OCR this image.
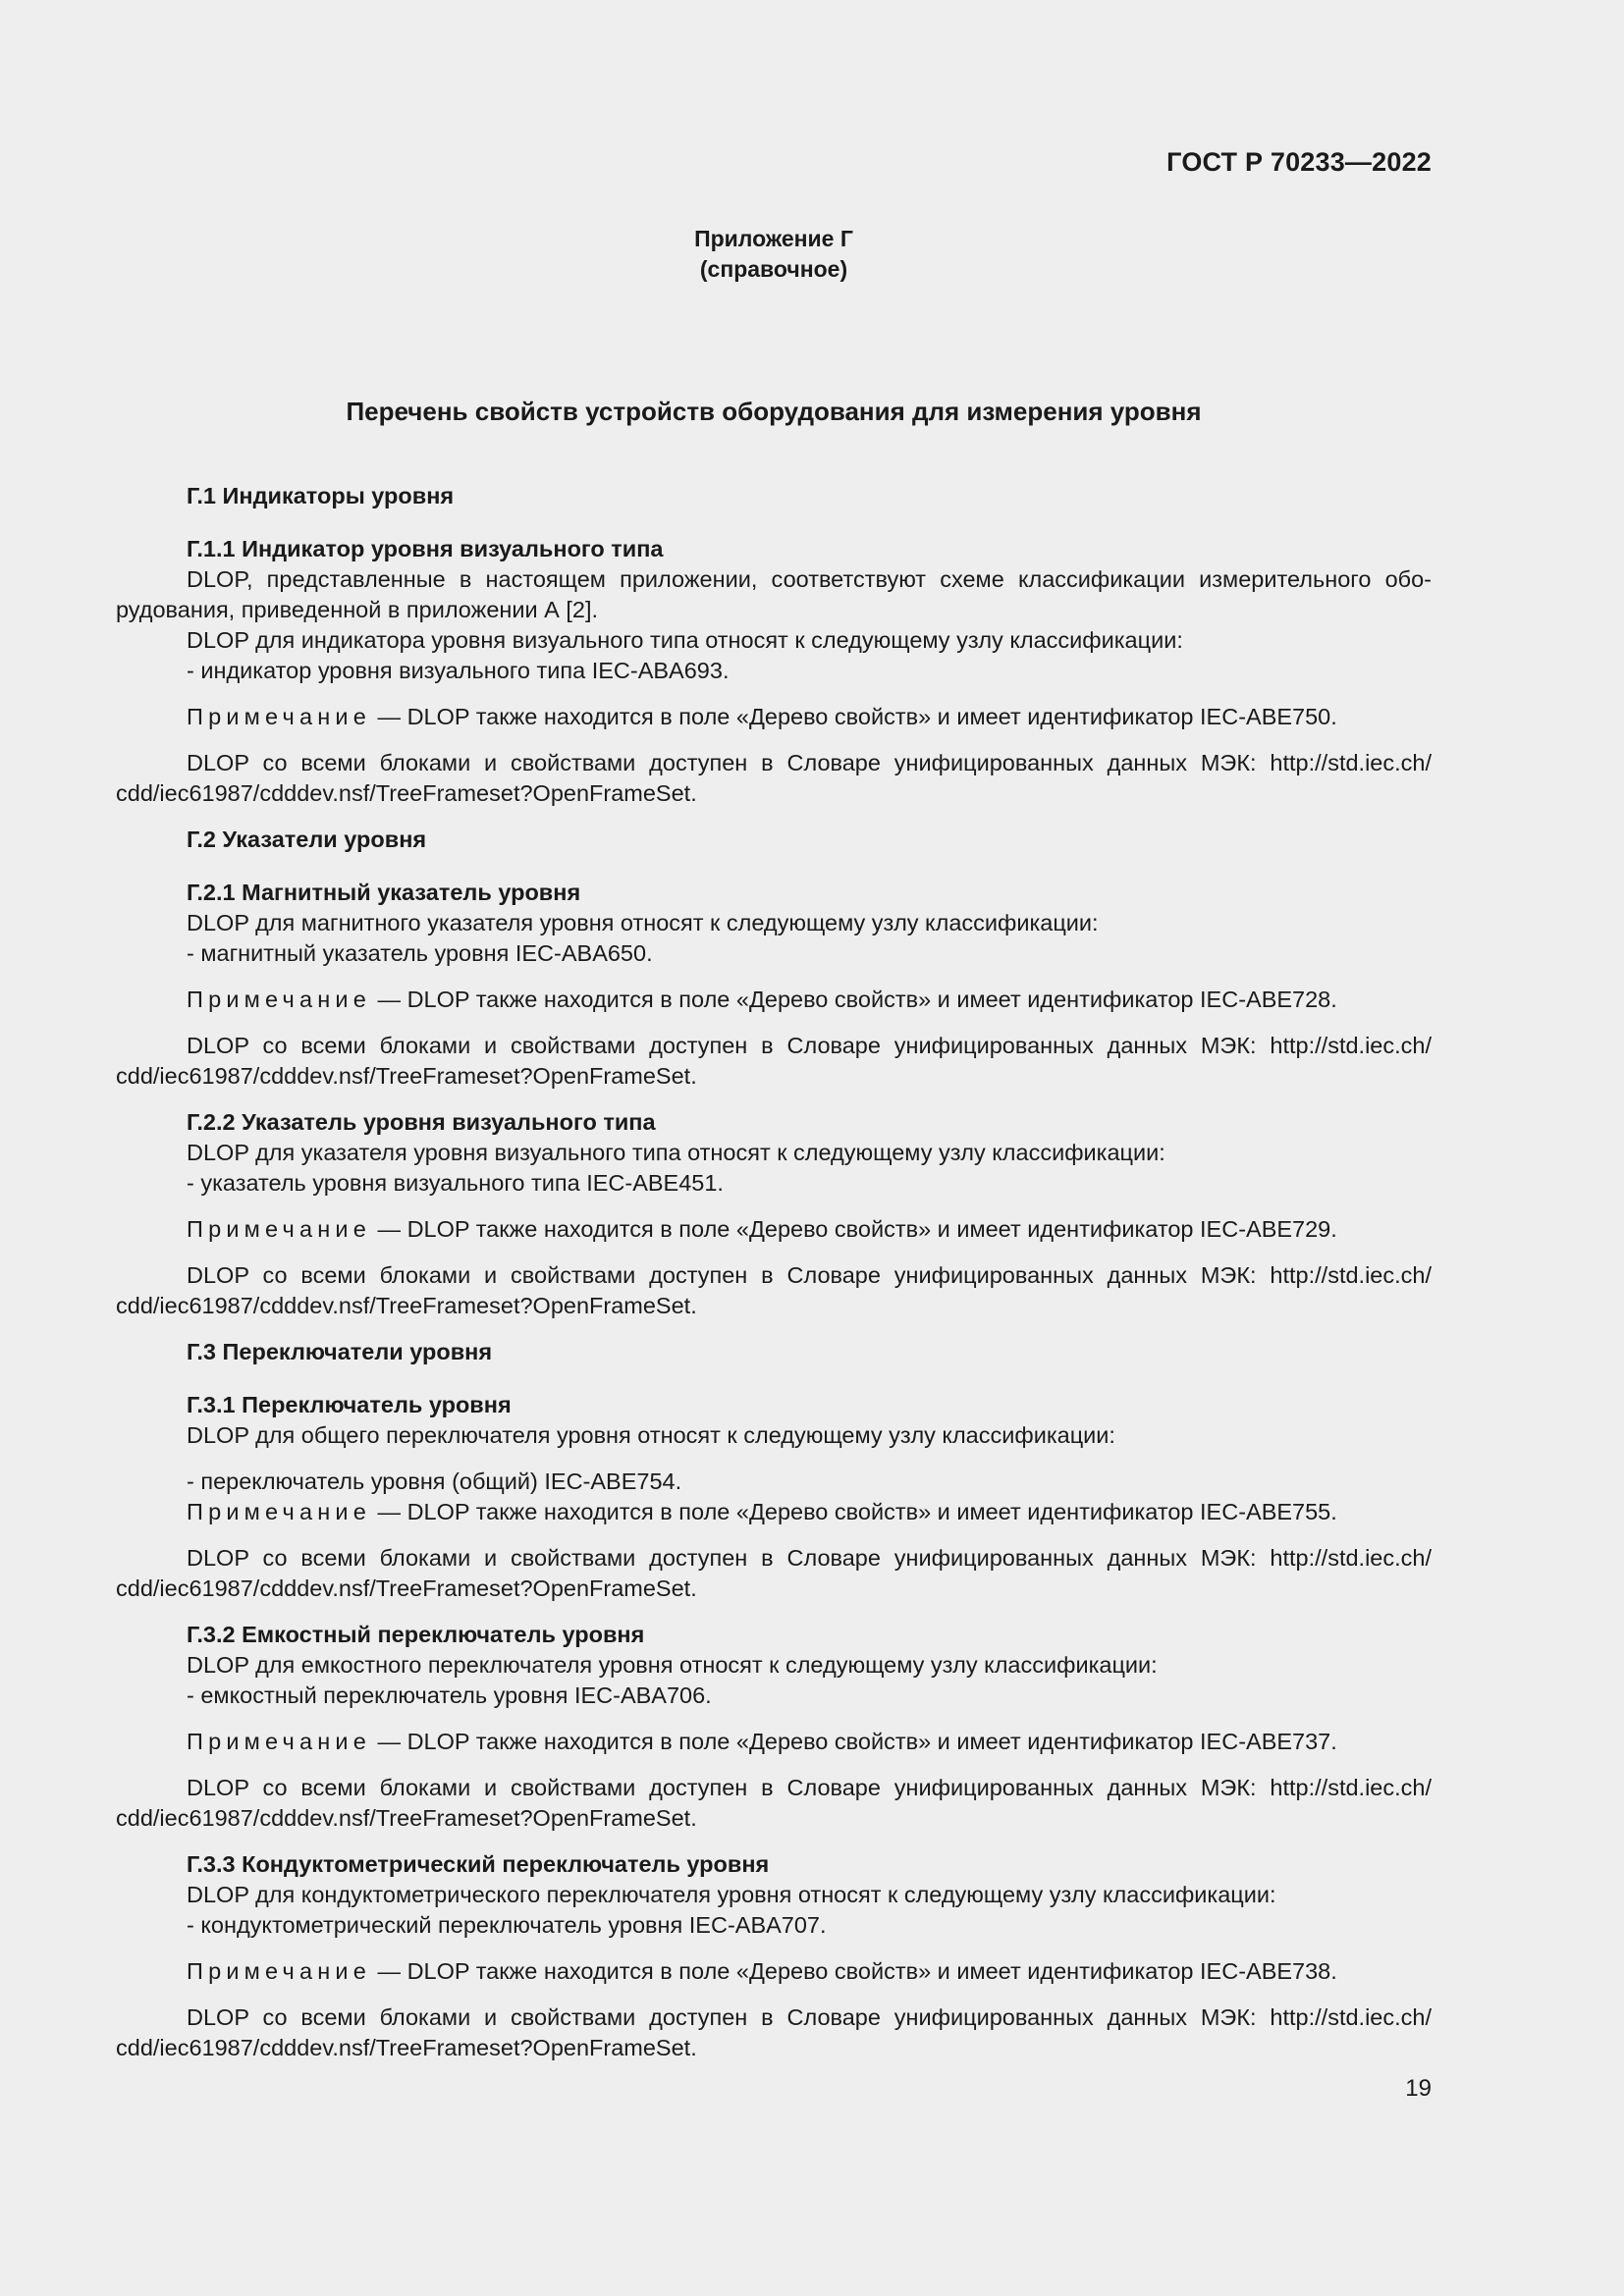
ГОСТ Р 70233—2022
Приложение Г
(справочное)
Перечень свойств устройств оборудования для измерения уровня
Г.1 Индикаторы уровня
Г.1.1 Индикатор уровня визуального типа

DLOP, представленные в настоящем приложении, соответствуют схеме классификации измерительного обо-рудования, приведенной в приложении А [2].

DLOP для индикатора уровня визуального типа относят к следующему узлу классификации:

- индикатор уровня визуального типа IEC-ABA693.

Примечание — DLOP также находится в поле «Дерево свойств» и имеет идентификатор IEC-ABE750.

DLOP со всеми блоками и свойствами доступен в Словаре унифицированных данных МЭК: http://std.iec.ch/
cdd/iec61987/cdddev.nsf/TreeFrameset?OpenFrameSet.

Г.2 Указатели уровня
Г.2.1 Магнитный указатель уровня

DLOP для магнитного указателя уровня относят к следующему узлу классификации:

- магнитный указатель уровня IEC-ABA650.

Примечание — DLOP также находится в поле «Дерево свойств» и имеет идентификатор IEC-ABE728.

DLOP со всеми блоками и свойствами доступен в Словаре унифицированных данных МЭК: http://std.iec.ch/
cdd/iec61987/cdddev.nsf/TreeFrameset?OpenFrameSet.

Г.2.2 Указатель уровня визуального типа

DLOP для указателя уровня визуального типа относят к следующему узлу классификации:

- указатель уровня визуального типа IEC-ABE451.

Примечание — DLOP также находится в поле «Дерево свойств» и имеет идентификатор IEC-ABE729.

DLOP со всеми блоками и свойствами доступен в Словаре унифицированных данных МЭК: http://std.iec.ch/
cdd/iec61987/cdddev.nsf/TreeFrameset?OpenFrameSet.

Г.3 Переключатели уровня
Г.3.1 Переключатель уровня

DLOP для общего переключателя уровня относят к следующему узлу классификации:

- переключатель уровня (общий) IEC-ABE754.

Примечание — DLOP также находится в поле «Дерево свойств» и имеет идентификатор IEC-ABE755.

DLOP со всеми блоками и свойствами доступен в Словаре унифицированных данных МЭК: http://std.iec.ch/
cdd/iec61987/cdddev.nsf/TreeFrameset?OpenFrameSet.

Г.3.2 Емкостный переключатель уровня

DLOP для емкостного переключателя уровня относят к следующему узлу классификации:

- емкостный переключатель уровня IEC-ABA706.

Примечание — DLOP также находится в поле «Дерево свойств» и имеет идентификатор IEC-ABE737.

DLOP со всеми блоками и свойствами доступен в Словаре унифицированных данных МЭК: http://std.iec.ch/
cdd/iec61987/cdddev.nsf/TreeFrameset?OpenFrameSet.

Г.3.3 Кондуктометрический переключатель уровня

DLOP для кондуктометрического переключателя уровня относят к следующему узлу классификации:

- кондуктометрический переключатель уровня IEC-ABA707.

Примечание — DLOP также находится в поле «Дерево свойств» и имеет идентификатор IEC-ABE738.

DLOP со всеми блоками и свойствами доступен в Словаре унифицированных данных МЭК: http://std.iec.ch/
cdd/iec61987/cdddev.nsf/TreeFrameset?OpenFrameSet.

19
